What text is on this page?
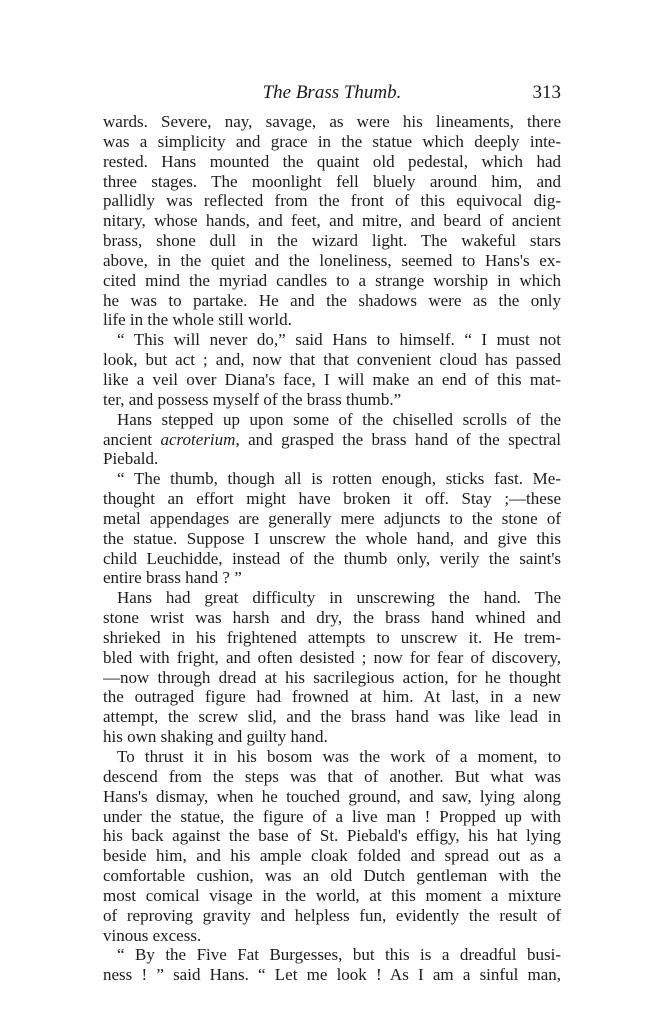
The Brass Thumb.	313
wards. Severe, nay, savage, as were his lineaments, there
was a simplicity and grace in the statue which deeply inte-
rested. Hans mounted the quaint old pedestal, which had
three stages. The moonlight fell bluely around him, and
pallidly was reflected from the front of this equivocal dig-
nitary, whose hands, and feet, and mitre, and beard of ancient
brass, shone dull in the wizard light. The wakeful stars
above, in the quiet and the loneliness, seemed to Hans's ex-
cited mind the myriad candles to a strange worship in which
he was to partake. He and the shadows were as the only
life in the whole still world.
“ This will never do,” said Hans to himself. “ I must not
look, but act ; and, now that that convenient cloud has passed
like a veil over Diana's face, I will make an end of this mat-
ter, and possess myself of the brass thumb.”
Hans stepped up upon some of the chiselled scrolls of the
ancient acroterium, and grasped the brass hand of the spectral
Piebald.
“ The thumb, though all is rotten enough, sticks fast. Me-
thought an effort might have broken it off. Stay ;—these
metal appendages are generally mere adjuncts to the stone of
the statue. Suppose I unscrew the whole hand, and give this
child Leuchidde, instead of the thumb only, verily the saint's
entire brass hand ? ”
Hans had great difficulty in unscrewing the hand. The
stone wrist was harsh and dry, the brass hand whined and
shrieked in his frightened attempts to unscrew it. He trem-
bled with fright, and often desisted ; now for fear of discovery,
—now through dread at his sacrilegious action, for he thought
the outraged figure had frowned at him. At last, in a new
attempt, the screw slid, and the brass hand was like lead in
his own shaking and guilty hand.
To thrust it in his bosom was the work of a moment, to
descend from the steps was that of another. But what was
Hans's dismay, when he touched ground, and saw, lying along
under the statue, the figure of a live man ! Propped up with
his back against the base of St. Piebald's effigy, his hat lying
beside him, and his ample cloak folded and spread out as a
comfortable cushion, was an old Dutch gentleman with the
most comical visage in the world, at this moment a mixture
of reproving gravity and helpless fun, evidently the result of
vinous excess.
“ By the Five Fat Burgesses, but this is a dreadful busi-
ness ! ” said Hans. “ Let me look ! As I am a sinful man,
